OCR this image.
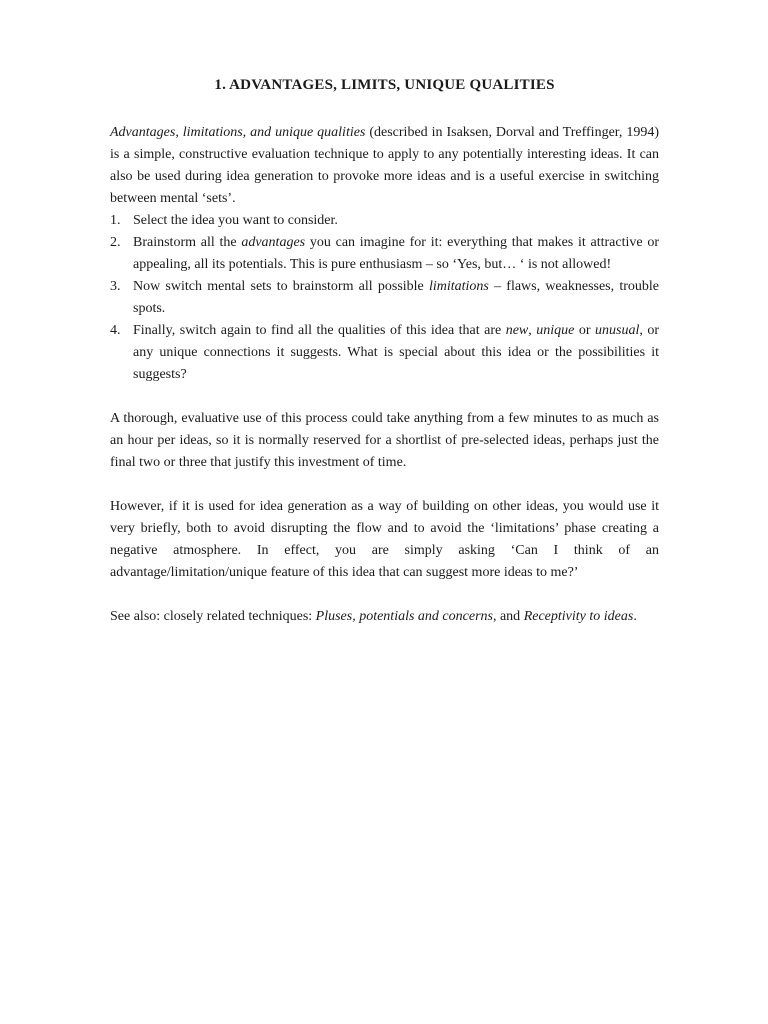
1. ADVANTAGES, LIMITS, UNIQUE QUALITIES

Advantages, limitations, and unique qualities (described in Isaksen, Dorval and Treffinger, 1994) is a simple, constructive evaluation technique to apply to any potentially interesting ideas. It can also be used during idea generation to provoke more ideas and is a useful exercise in switching between mental ‘sets’.

1. Select the idea you want to consider.
2. Brainstorm all the advantages you can imagine for it: everything that makes it attractive or appealing, all its potentials. This is pure enthusiasm – so ‘Yes, but… ‘ is not allowed!
3. Now switch mental sets to brainstorm all possible limitations – flaws, weaknesses, trouble spots.
4. Finally, switch again to find all the qualities of this idea that are new, unique or unusual, or any unique connections it suggests. What is special about this idea or the possibilities it suggests?

A thorough, evaluative use of this process could take anything from a few minutes to as much as an hour per ideas, so it is normally reserved for a shortlist of pre-selected ideas, perhaps just the final two or three that justify this investment of time.

However, if it is used for idea generation as a way of building on other ideas, you would use it very briefly, both to avoid disrupting the flow and to avoid the ‘limitations’ phase creating a negative atmosphere. In effect, you are simply asking ‘Can I think of an advantage/limitation/unique feature of this idea that can suggest more ideas to me?’

See also: closely related techniques: Pluses, potentials and concerns, and Receptivity to ideas.
